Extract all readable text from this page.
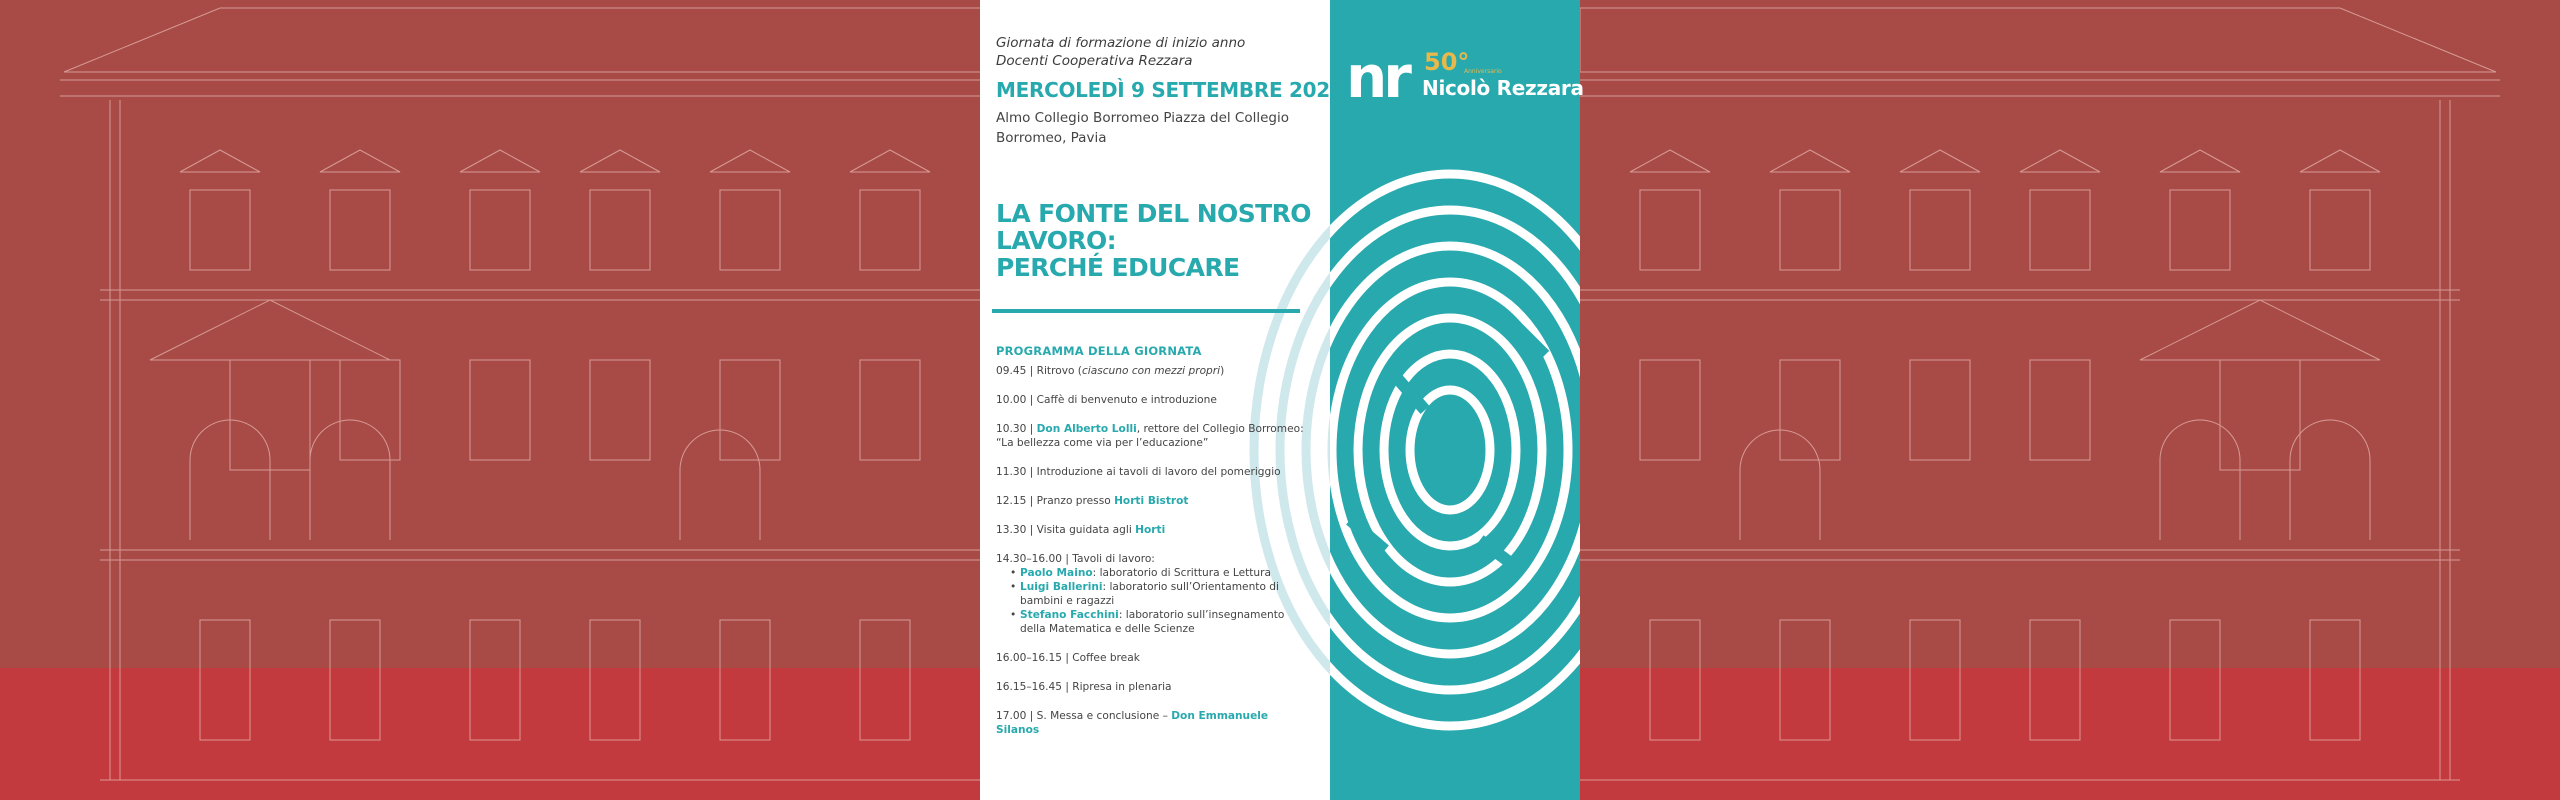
Giornata di formazione di inizio anno
Docenti Cooperativa Rezzara
MERCOLEDÌ 9 SETTEMBRE 2026
Almo Collegio Borromeo Piazza del Collegio
Borromeo, Pavia
LA FONTE DEL NOSTRO
LAVORO:
PERCHÉ EDUCARE
PROGRAMMA DELLA GIORNATA
09.45 | Ritrovo (ciascuno con mezzi propri)
10.00 | Caffè di benvenuto e introduzione
10.30 | Don Alberto Lolli, rettore del Collegio Borromeo: “La bellezza come via per l’educazione”
11.30 | Introduzione ai tavoli di lavoro del pomeriggio
12.15 | Pranzo presso Horti Bistrot
13.30 | Visita guidata agli Horti
14.30–16.00 | Tavoli di lavoro:
• Paolo Maino: laboratorio di Scrittura e Lettura
• Luigi Ballerini: laboratorio sull’Orientamento di bambini e ragazzi
• Stefano Facchini: laboratorio sull’insegnamento della Matematica e delle Scienze
16.00–16.15 | Coffee break
16.15–16.45 | Ripresa in plenaria
17.00 | S. Messa e conclusione – Don Emmanuele Silanos
nr 50°
Anniversario
Nicolò Rezzara
